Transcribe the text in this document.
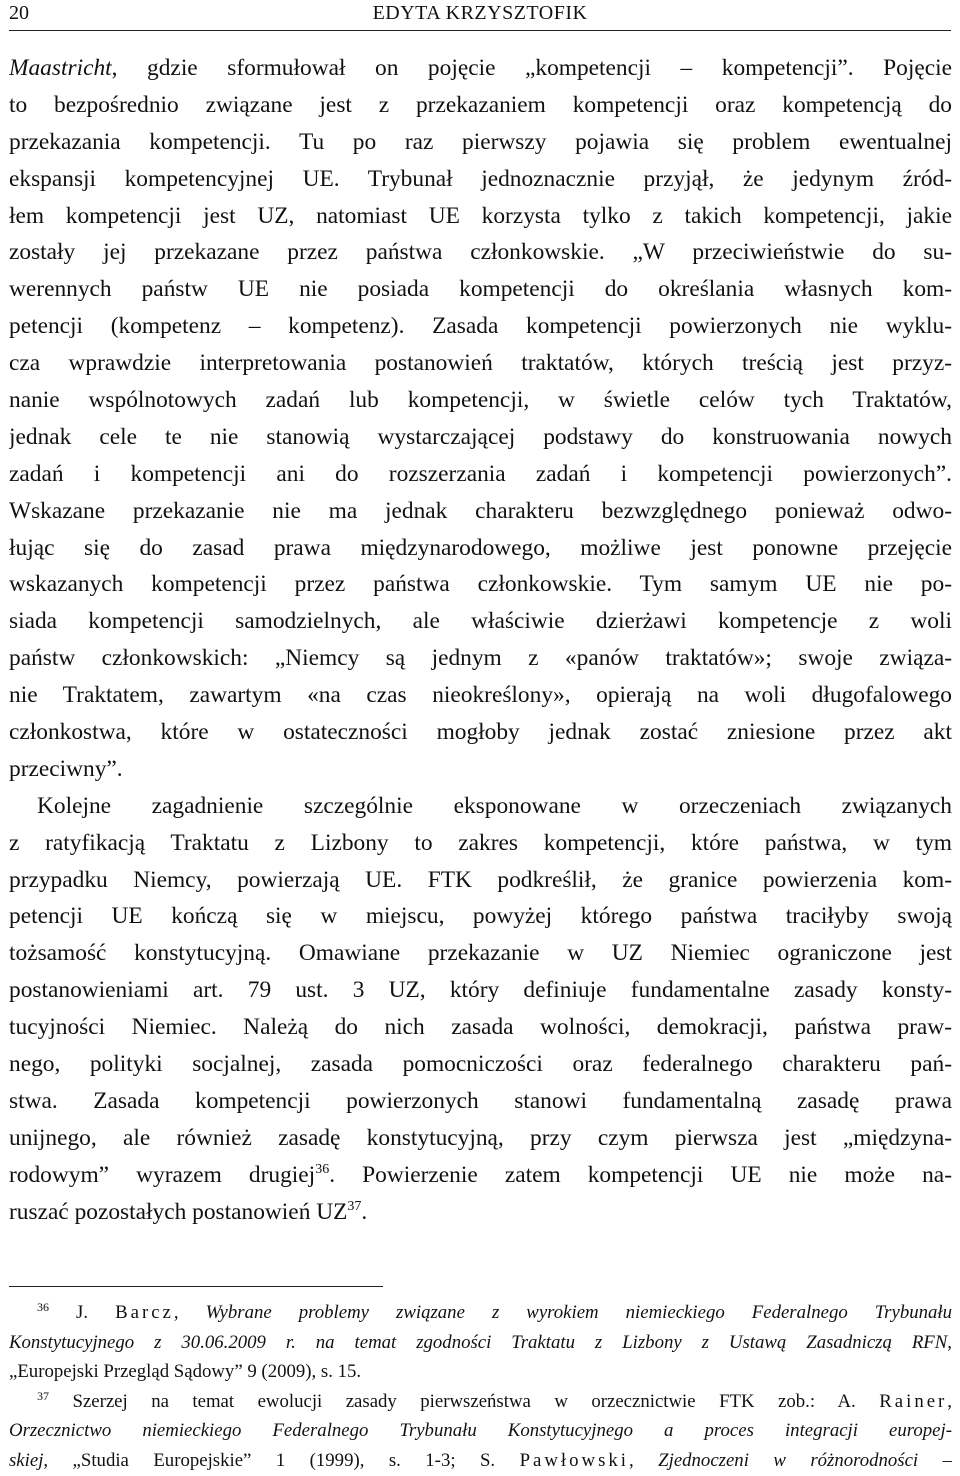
20	EDYTA KRZYSZTOFIK
Maastricht, gdzie sformułował on pojęcie „kompetencji – kompetencji”. Pojęcie
to bezpośrednio związane jest z przekazaniem kompetencji oraz kompetencją do
przekazania kompetencji. Tu po raz pierwszy pojawia się problem ewentualnej
ekspansji kompetencyjnej UE. Trybunał jednoznacznie przyjął, że jedynym źród-
łem kompetencji jest UZ, natomiast UE korzysta tylko z takich kompetencji, jakie
zostały jej przekazane przez państwa członkowskie. „W przeciwieństwie do su-
werennych państw UE nie posiada kompetencji do określania własnych kom-
petencji (kompetenz – kompetenz). Zasada kompetencji powierzonych nie wyklu-
cza wprawdzie interpretowania postanowień traktatów, których treścią jest przyz-
nanie wspólnotowych zadań lub kompetencji, w świetle celów tych Traktatów,
jednak cele te nie stanowią wystarczającej podstawy do konstruowania nowych
zadań i kompetencji ani do rozszerzania zadań i kompetencji powierzonych”.
Wskazane przekazanie nie ma jednak charakteru bezwzględnego ponieważ odwo-
łując się do zasad prawa międzynarodowego, możliwe jest ponowne przejęcie
wskazanych kompetencji przez państwa członkowskie. Tym samym UE nie po-
siada kompetencji samodzielnych, ale właściwie dzierżawi kompetencje z woli
państw członkowskich: „Niemcy są jednym z «panów traktatów»; swoje związa-
nie Traktatem, zawartym «na czas nieokreślony», opierają na woli długofalowego
członkostwa, które w ostateczności mogłoby jednak zostać zniesione przez akt
przeciwny”.
Kolejne zagadnienie szczególnie eksponowane w orzeczeniach związanych
z ratyfikacją Traktatu z Lizbony to zakres kompetencji, które państwa, w tym
przypadku Niemcy, powierzają UE. FTK podkreślił, że granice powierzenia kom-
petencji UE kończą się w miejscu, powyżej którego państwa traciłyby swoją
tożsamość konstytucyjną. Omawiane przekazanie w UZ Niemiec ograniczone jest
postanowieniami art. 79 ust. 3 UZ, który definiuje fundamentalne zasady konsty-
tucyjności Niemiec. Należą do nich zasada wolności, demokracji, państwa praw-
nego, polityki socjalnej, zasada pomocniczości oraz federalnego charakteru pań-
stwa. Zasada kompetencji powierzonych stanowi fundamentalną zasadę prawa
unijnego, ale również zasadę konstytucyjną, przy czym pierwsza jest „międzyna-
rodowym” wyrazem drugiej$^{36}$. Powierzenie zatem kompetencji UE nie może na-
ruszać pozostałych postanowień UZ$^{37}$.
$^{36}$ J. Barcz, Wybrane problemy związane z wyrokiem niemieckiego Federalnego Trybunału
Konstytucyjnego z 30.06.2009 r. na temat zgodności Traktatu z Lizbony z Ustawą Zasadniczą RFN,
„Europejski Przegląd Sądowy” 9 (2009), s. 15.
$^{37}$ Szerzej na temat ewolucji zasady pierwszeństwa w orzecznictwie FTK zob.: A. Rainer,
Orzecznictwo niemieckiego Federalnego Trybunału Konstytucyjnego a proces integracji europej-
skiej, „Studia Europejskie” 1 (1999), s. 1-3; S. Pawłowski, Zjednoczeni w różnorodności –
